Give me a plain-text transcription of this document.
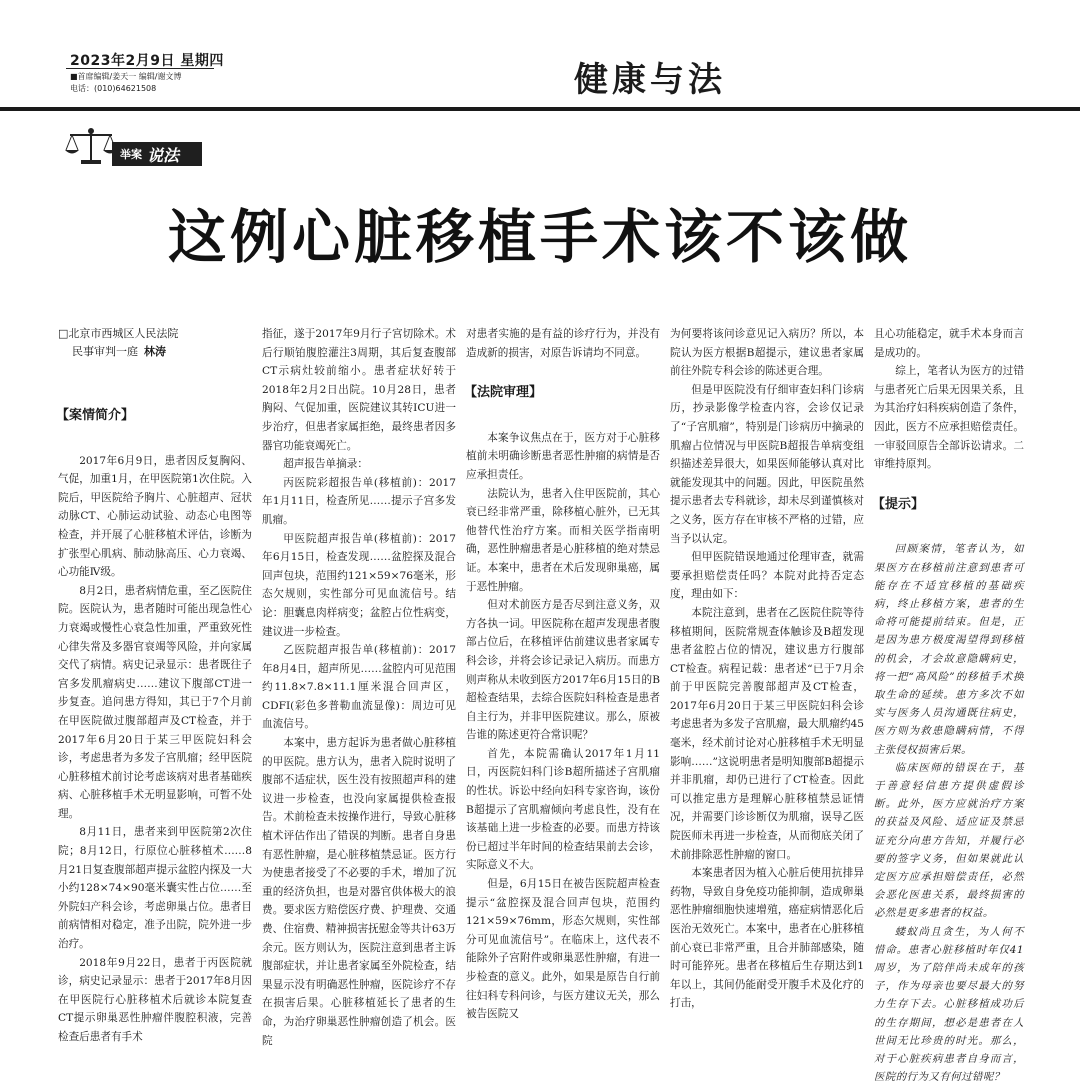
2023年2月9日 星期四
■首席编辑/姜天一 编辑/谢文博
电话：(010)64621508	健康与法
举案 说法
这例心脏移植手术该不该做
□北京市西城区人民法院
民事审判一庭 林涛
【案情简介】

2017年6月9日，患者因反复胸闷、气促，加重1月，在甲医院第1次住院。入院后，甲医院给予胸片、心脏超声、冠状动脉CT、心肺运动试验、动态心电图等检查，并开展了心脏移植术评估，诊断为扩张型心肌病、肺动脉高压、心力衰竭、心功能Ⅳ级。

8月2日，患者病情危重，至乙医院住院。医院认为，患者随时可能出现急性心力衰竭或慢性心衰急性加重，严重致死性心律失常及多器官衰竭等风险，并向家属交代了病情。病史记录显示：患者既往子宫多发肌瘤病史……建议下腹部CT进一步复查。追问患方得知，其已于7个月前在甲医院做过腹部超声及CT检查，并于2017年6月20日于某三甲医院妇科会诊，考虑患者为多发子宫肌瘤；经甲医院心脏移植术前讨论考虑该病对患者基础疾病、心脏移植手术无明显影响，可暂不处理。

8月11日，患者来到甲医院第2次住院；8月12日，行原位心脏移植术……8月21日复查腹部超声提示盆腔内探及一大小约128×74×90毫米囊实性占位……至外院妇产科会诊，考虑卵巢占位。患者目前病情相对稳定，准予出院，院外进一步治疗。

2018年9月22日，患者于丙医院就诊，病史记录显示：患者于2017年8月因在甲医院行心脏移植术后就诊本院复查CT提示卵巢恶性肿瘤伴腹腔积液，完善检查后患者有手术

指征，遂于2017年9月行子宫切除术。术后行顺铂腹腔灌注3周期，其后复查腹部CT示病灶较前缩小。患者症状好转于2018年2月2日出院。10月28日，患者胸闷、气促加重，医院建议其转ICU进一步治疗，但患者家属拒绝，最终患者因多器官功能衰竭死亡。

超声报告单摘录：

丙医院彩超报告单(移植前)：2017年1月11日，检查所见……提示子宫多发肌瘤。

甲医院超声报告单(移植前)：2017年6月15日，检查发现……盆腔探及混合回声包块，范围约121×59×76毫米，形态欠规则，实性部分可见血流信号。结论：胆囊息肉样病变；盆腔占位性病变，建议进一步检查。

乙医院超声报告单(移植前)：2017年8月4日，超声所见……盆腔内可见范围约11.8×7.8×11.1厘米混合回声区，CDFI(彩色多普勒血流显像)：周边可见血流信号。

本案中，患方起诉为患者做心脏移植的甲医院。患方认为，患者入院时说明了腹部不适症状，医生没有按照超声科的建议进一步检查，也没向家属提供检查报告。术前检查未按操作进行，导致心脏移植术评估作出了错误的判断。患者自身患有恶性肿瘤，是心脏移植禁忌证。医方行为使患者接受了不必要的手术，增加了沉重的经济负担，也是对器官供体极大的浪费。要求医方赔偿医疗费、护理费、交通费、住宿费、精神损害抚慰金等共计63万余元。医方则认为，医院注意到患者主诉腹部症状，并让患者家属至外院检查，结果显示没有明确恶性肿瘤，医院诊疗不存在损害后果。心脏移植延长了患者的生命，为治疗卵巢恶性肿瘤创造了机会。医院

对患者实施的是有益的诊疗行为，并没有造成新的损害，对原告诉请均不同意。

【法院审理】

本案争议焦点在于，医方对于心脏移植前未明确诊断患者恶性肿瘤的病情是否应承担责任。

法院认为，患者入住甲医院前，其心衰已经非常严重，除移植心脏外，已无其他替代性治疗方案。而相关医学指南明确，恶性肿瘤患者是心脏移植的绝对禁忌证。本案中，患者在术后发现卵巢癌，属于恶性肿瘤。

但对术前医方是否尽到注意义务，双方各执一词。甲医院称在超声发现患者腹部占位后，在移植评估前建议患者家属专科会诊，并将会诊记录记入病历。而患方则声称从未收到医方2017年6月15日的B超检查结果，去综合医院妇科检查是患者自主行为，并非甲医院建议。那么，原被告谁的陈述更符合常识呢？

首先，本院需确认2017年1月11日，丙医院妇科门诊B超所描述子宫肌瘤的性状。诉讼中经向妇科专家咨询，该份B超提示了宫肌瘤倾向考虑良性，没有在该基础上进一步检查的必要。而患方持该份已超过半年时间的检查结果前去会诊，实际意义不大。

但是，6月15日在被告医院超声检查提示“盆腔探及混合回声包块，范围约121×59×76mm，形态欠规则，实性部分可见血流信号”。在临床上，这代表不能除外子宫附件或卵巢恶性肿瘤，有进一步检查的意义。此外，如果是原告自行前往妇科专科问诊，与医方建议无关，那么被告医院又

为何要将该问诊意见记入病历？所以，本院认为医方根据B超提示，建议患者家属前往外院专科会诊的陈述更合理。

但是甲医院没有仔细审查妇科门诊病历，抄录影像学检查内容，会诊仅记录了“子宫肌瘤”，特别是门诊病历中摘录的肌瘤占位情况与甲医院B超报告单病变组织描述差异很大，如果医师能够认真对比就能发现其中的问题。因此，甲医院虽然提示患者去专科就诊，却未尽到谨慎核对之义务，医方存在审核不严格的过错，应当予以认定。

但甲医院错误地通过伦理审查，就需要承担赔偿责任吗？本院对此持否定态度，理由如下：

本院注意到，患者在乙医院住院等待移植期间，医院常规查体触诊及B超发现患者盆腔占位的情况，建议患方行腹部CT检查。病程记载：患者述“已于7月余前于甲医院完善腹部超声及CT检查，2017年6月20日于某三甲医院妇科会诊考虑患者为多发子宫肌瘤，最大肌瘤约45毫米，经术前讨论对心脏移植手术无明显影响……”这说明患者是明知腹部B超提示并非肌瘤，却仍已进行了CT检查。因此可以推定患方是理解心脏移植禁忌证情况，并需要门诊诊断仅为肌瘤，误导乙医院医师未再进一步检查，从而彻底关闭了术前排除恶性肿瘤的窗口。

本案患者因为植入心脏后使用抗排异药物，导致自身免疫功能抑制，造成卵巢恶性肿瘤细胞快速增殖，癌症病情恶化后医治无效死亡。本案中，患者在心脏移植前心衰已非常严重，且合并肺部感染，随时可能猝死。患者在移植后生存期达到1年以上，其间仍能耐受开腹手术及化疗的打击，

且心功能稳定，就手术本身而言是成功的。

综上，笔者认为医方的过错与患者死亡后果无因果关系，且为其治疗妇科疾病创造了条件，因此，医方不应承担赔偿责任。一审驳回原告全部诉讼请求。二审维持原判。

【提示】

回顾案情，笔者认为，如果医方在移植前注意到患者可能存在不适宜移植的基础疾病，终止移植方案，患者的生命将可能提前结束。但是，正是因为患方极度渴望得到移植的机会，才会故意隐瞒病史，将一把“高风险”的移植手术换取生命的延续。患方多次不如实与医务人员沟通既往病史，医方则为救患隐瞒病情，不得主张侵权损害后果。

临床医师的错误在于，基于善意轻信患方提供虚假诊断。此外，医方应就治疗方案的获益及风险、适应证及禁忌证充分向患方告知，并履行必要的签字义务，但如果就此认定医方应承担赔偿责任，必然会恶化医患关系，最终损害的必然是更多患者的权益。

蝼蚁尚且贪生，为人何不惜命。患者心脏移植时年仅41周岁，为了陪伴尚未成年的孩子，作为母亲也要尽最大的努力生存下去。心脏移植成功后的生存期间，想必是患者在人世间无比珍贵的时光。那么，对于心脏疾病患者自身而言，医院的行为又有何过错呢？
